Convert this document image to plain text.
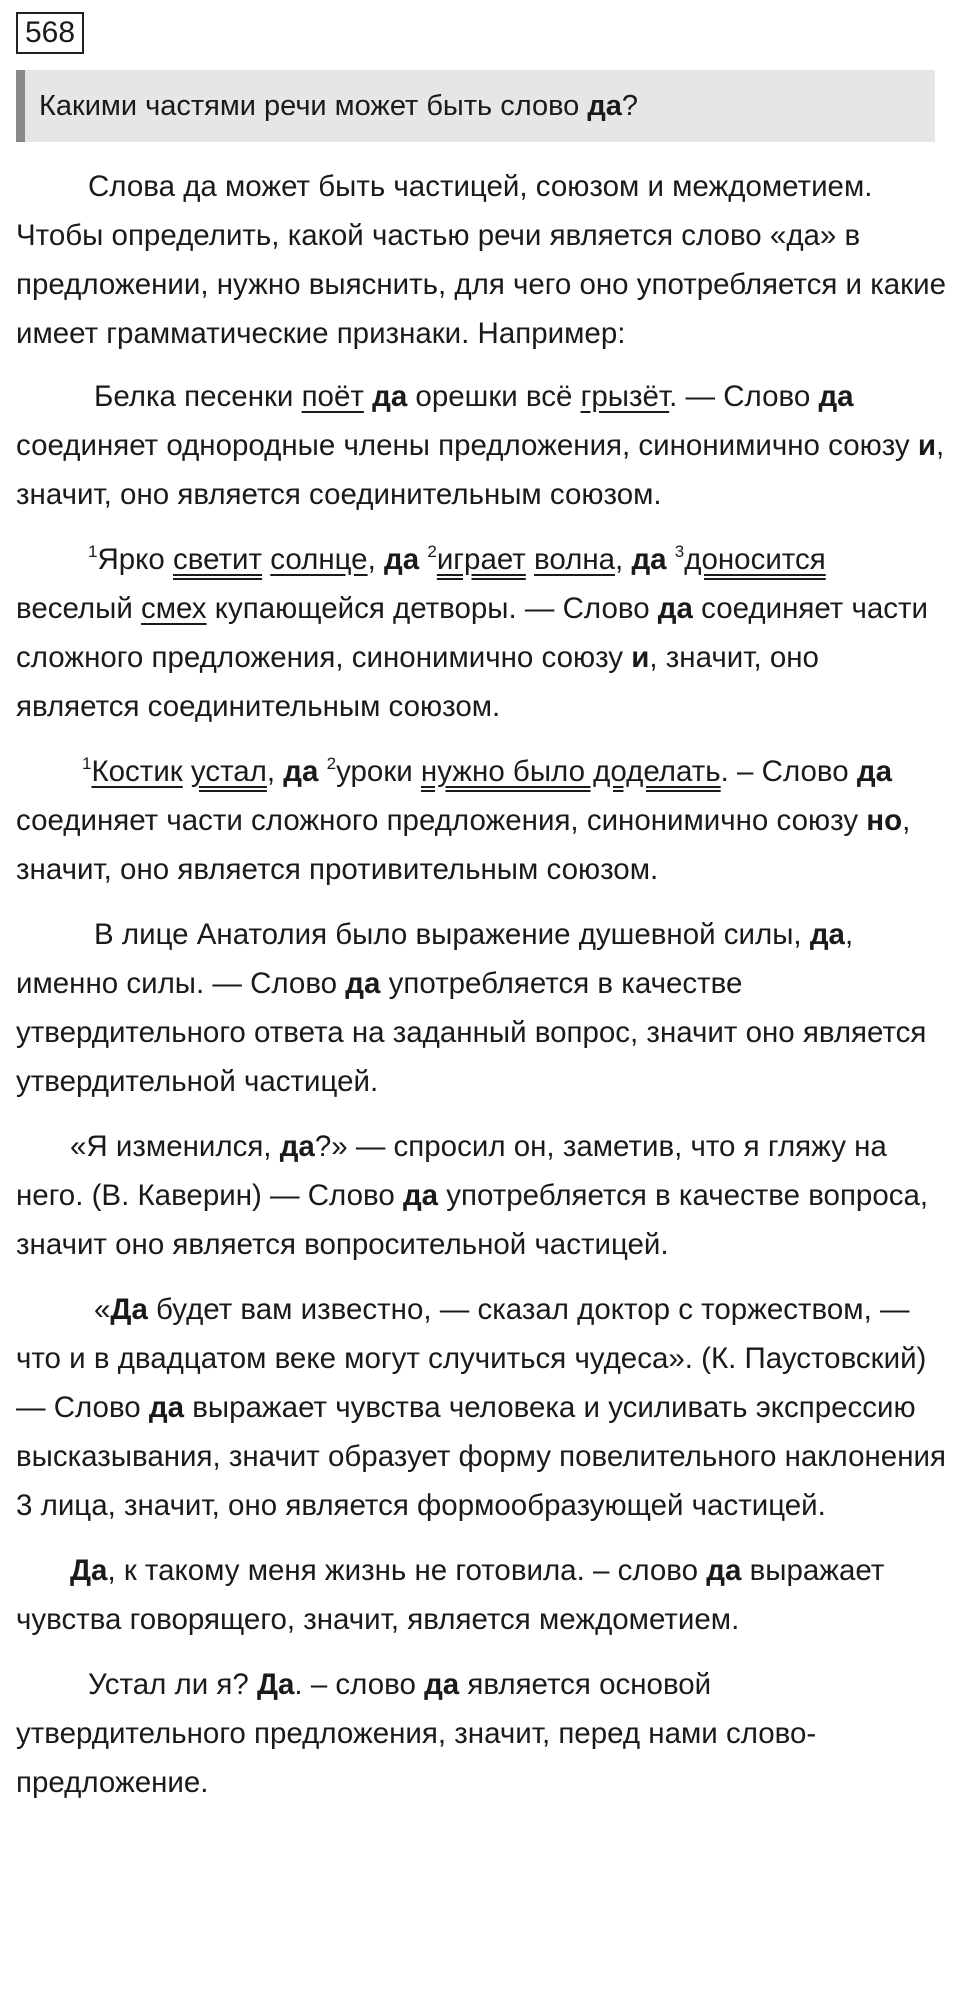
568
Какими частями речи может быть слово да?

Слова да может быть частицей, союзом и междометием. Чтобы определить, какой частью речи является слово «да» в предложении, нужно выяснить, для чего оно употребляется и какие имеет грамматические признаки. Например:

Белка песенки поёт да орешки всё грызёт. — Слово да соединяет однородные члены предложения, синонимично союзу и, значит, оно является соединительным союзом.

$^1$Ярко светит солнце, да $^2$играет волна, да $^3$доносится веселый смех купающейся детворы. — Слово да соединяет части сложного предложения, синонимично союзу и, значит, оно является соединительным союзом.

$^1$Костик устал, да $^2$уроки нужно было доделать. – Слово да соединяет части сложного предложения, синонимично союзу но, значит, оно является противительным союзом.

В лице Анатолия было выражение душевной силы, да, именно силы. — Слово да употребляется в качестве утвердительного ответа на заданный вопрос, значит оно является утвердительной частицей.

«Я изменился, да?» — спросил он, заметив, что я гляжу на него. (В. Каверин) — Слово да употребляется в качестве вопроса, значит оно является вопросительной частицей.

«Да будет вам известно, — сказал доктор с торжеством, — что и в двадцатом веке могут случиться чудеса». (К. Паустовский) — Слово да выражает чувства человека и усиливать экспрессию высказывания, значит образует форму повелительного наклонения 3 лица, значит, оно является формообразующей частицей.

Да, к такому меня жизнь не готовила. – слово да выражает чувства говорящего, значит, является междометием.

Устал ли я? Да. – слово да является основой утвердительного предложения, значит, перед нами слово-предложение.
